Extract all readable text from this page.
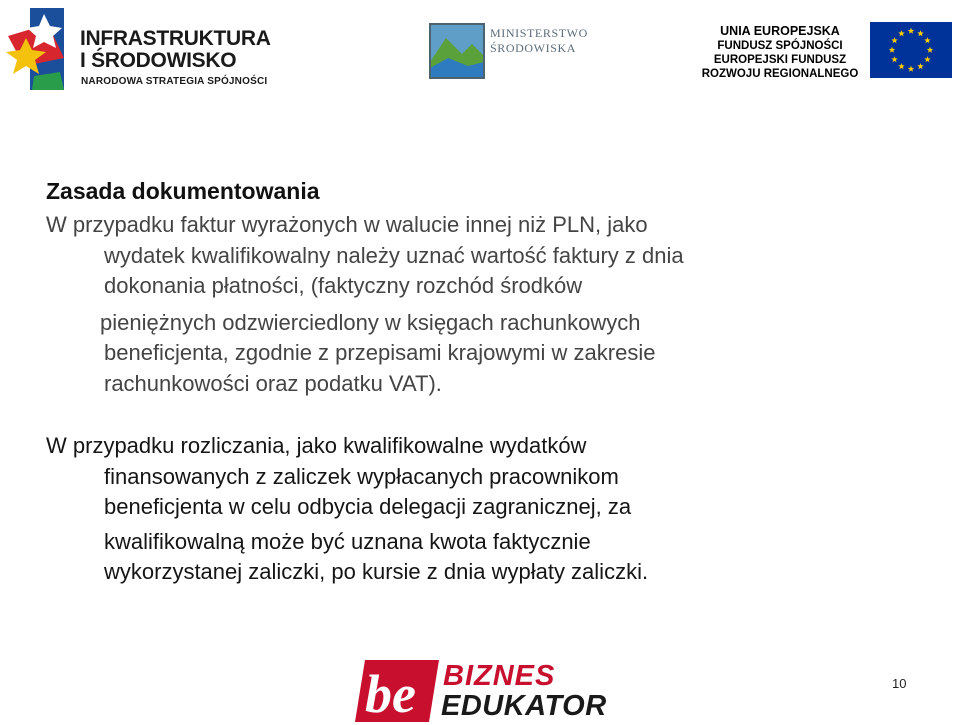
INFRASTRUKTURA
I ŚRODOWISKO
NARODOWA STRATEGIA SPÓJNOŚCI
MINISTERSTWO
ŚRODOWISKA
UNIA EUROPEJSKA
FUNDUSZ SPÓJNOŚCI
EUROPEJSKI FUNDUSZ
ROZWOJU REGIONALNEGO
Zasada dokumentowania

W przypadku faktur wyrażonych w walucie innej niż PLN, jako
wydatek kwalifikowalny należy uznać wartość faktury z dnia
dokonania płatności, (faktyczny rozchód środków
pieniężnych odzwierciedlony w księgach rachunkowych
beneficjenta, zgodnie z przepisami krajowymi w zakresie
rachunkowości oraz podatku VAT).

W przypadku rozliczania, jako kwalifikowalne wydatków
finansowanych z zaliczek wypłacanych pracownikom
beneficjenta w celu odbycia delegacji zagranicznej, za
kwalifikowalną może być uznana kwota faktycznie
wykorzystanej zaliczki, po kursie z dnia wypłaty zaliczki.

be BIZNES
EDUKATOR
10
